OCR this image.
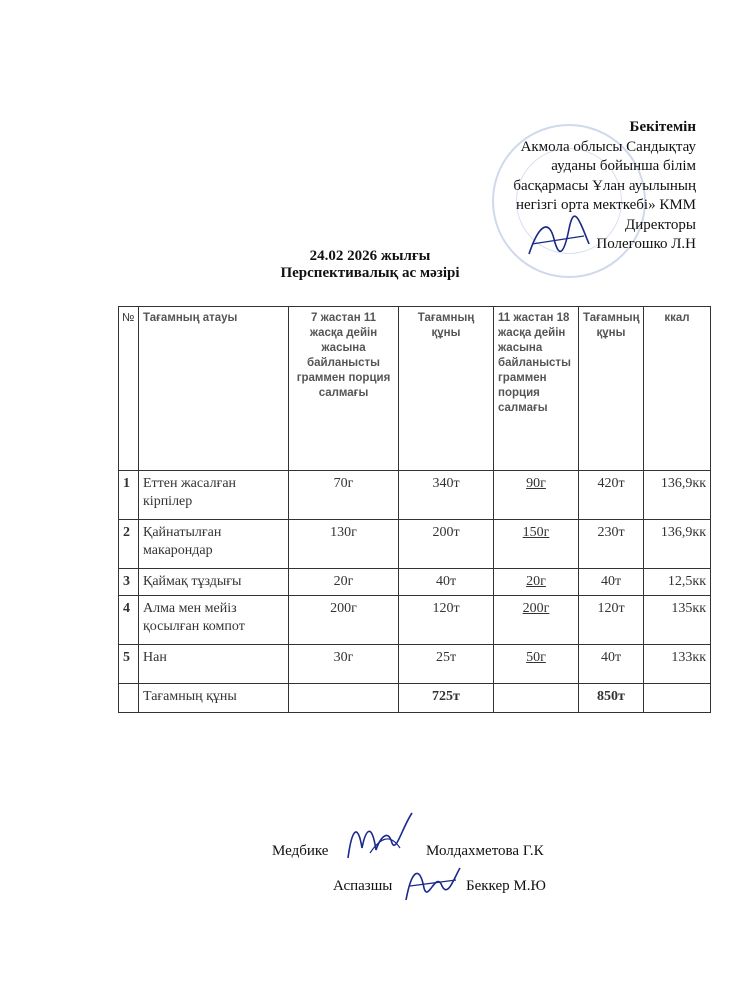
Бекітемін
Акмола облысы Сандықтау
ауданы бойынша білім
басқармасы Ұлан ауылының
негізгі орта мекткебі» КММ
Директоры
Полегошко Л.Н
24.02 2026 жылғы
Перспективалық ас мәзірі
№	Тағамның атауы	7 жастан 11 жасқа дейін жасына байланысты граммен порция салмағы	Тағамның құны	11 жастан 18 жасқа дейін жасына байланысты граммен порция салмағы	Тағамның құны	ккал
1	Еттен жасалған кірпілер	70г	340т	90г	420т	136,9кк
2	Қайнатылған макарондар	130г	200т	150г	230т	136,9кк
3	Қаймақ тұздығы	20г	40т	20г	40т	12,5кк
4	Алма мен мейіз қосылған компот	200г	120т	200г	120т	135кк
5	Нан	30г	25т	50г	40т	133кк
	Тағамның құны		725т		850т	
Медбике	Молдахметова Г.К
Аспазшы	Беккер М.Ю
